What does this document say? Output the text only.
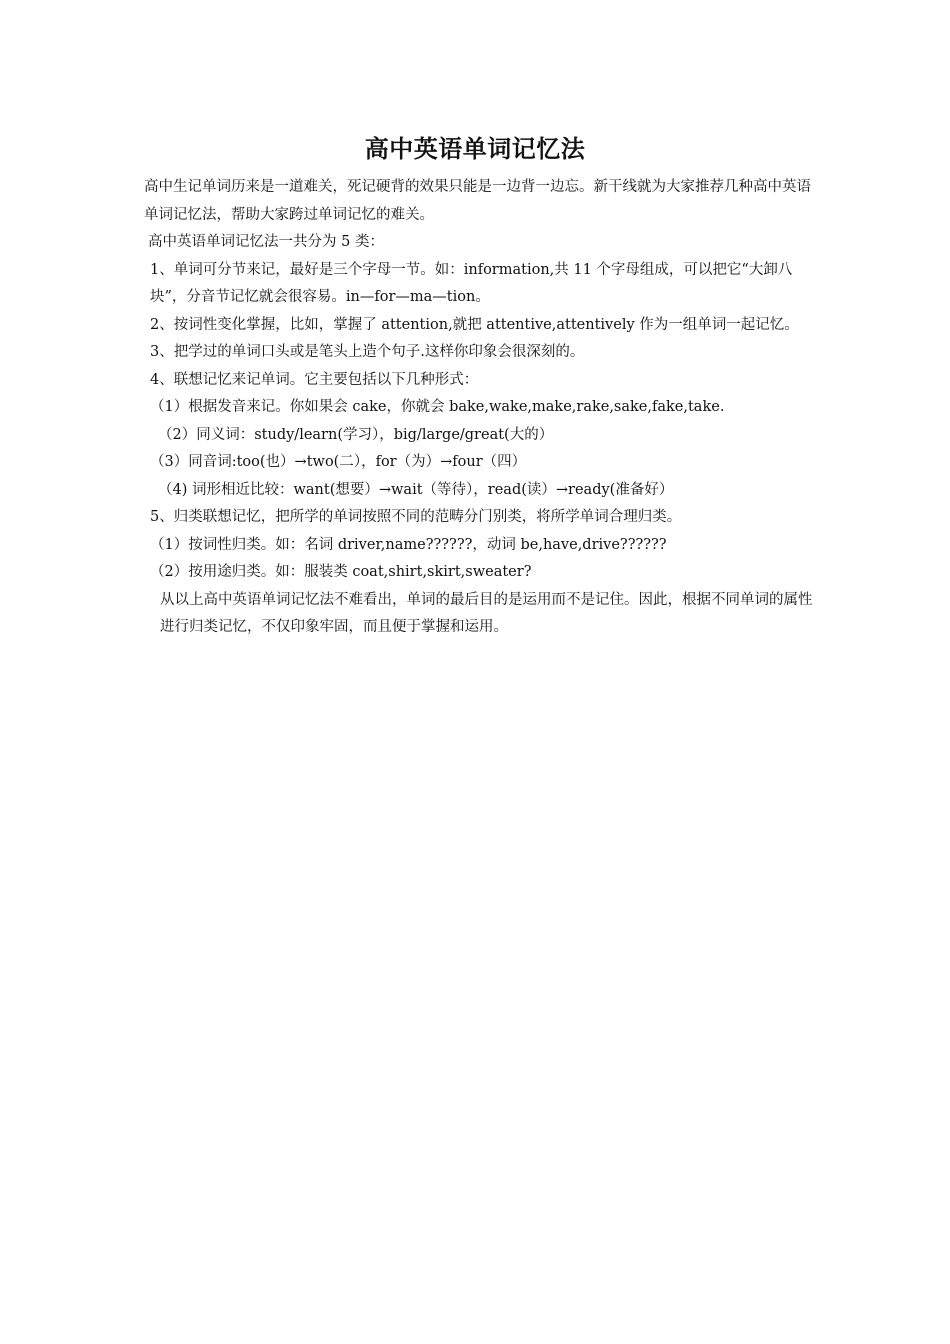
高中英语单词记忆法

高中生记单词历来是一道难关，死记硬背的效果只能是一边背一边忘。新干线就为大家推荐几种高中英语单词记忆法，帮助大家跨过单词记忆的难关。

高中英语单词记忆法一共分为 5 类：

1、单词可分节来记，最好是三个字母一节。如：information,共 11 个字母组成，可以把它“大卸八块”，分音节记忆就会很容易。in—for—ma—tion。

2、按词性变化掌握，比如，掌握了 attention,就把 attentive,attentively 作为一组单词一起记忆。

3、把学过的单词口头或是笔头上造个句子.这样你印象会很深刻的。

4、联想记忆来记单词。它主要包括以下几种形式：

（1）根据发音来记。你如果会 cake，你就会 bake,wake,make,rake,sake,fake,take.

（2）同义词：study/learn(学习），big/large/great(大的）

（3）同音词:too(也）→two(二），for（为）→four（四）

（4) 词形相近比较：want(想要）→wait（等待），read(读）→ready(准备好）

5、归类联想记忆，把所学的单词按照不同的范畴分门别类，将所学单词合理归类。

（1）按词性归类。如：名词 driver,name??????，动词 be,have,drive??????

（2）按用途归类。如：服装类 coat,shirt,skirt,sweater?

从以上高中英语单词记忆法不难看出，单词的最后目的是运用而不是记住。因此，根据不同单词的属性进行归类记忆，不仅印象牢固，而且便于掌握和运用。
